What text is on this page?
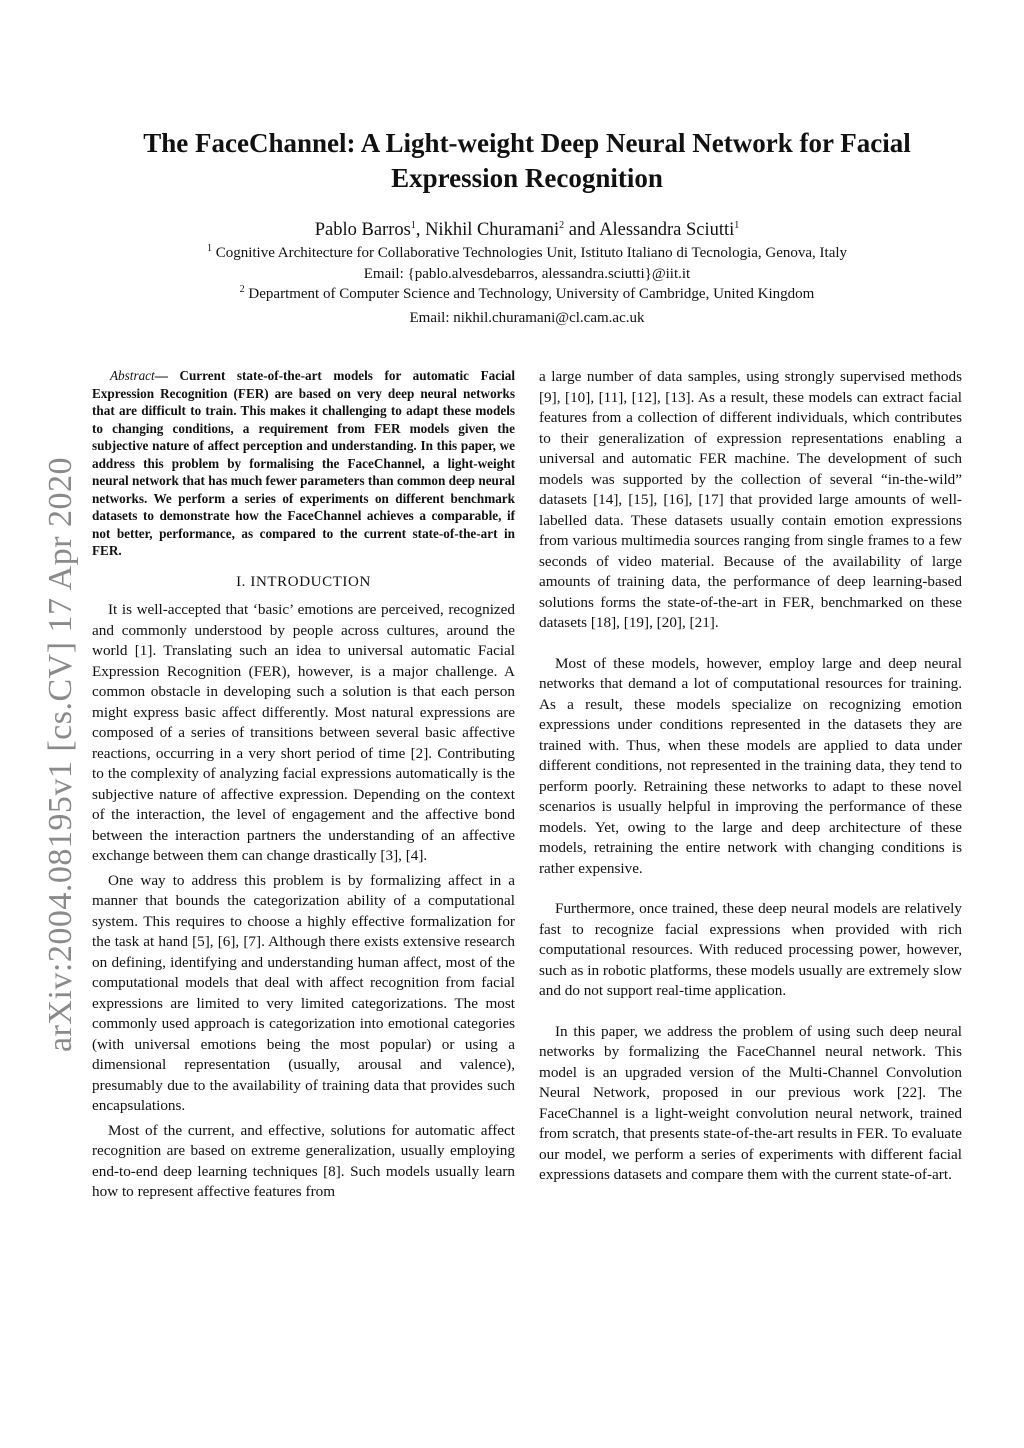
arXiv:2004.08195v1 [cs.CV] 17 Apr 2020
The FaceChannel: A Light-weight Deep Neural Network for Facial Expression Recognition
Pablo Barros$^1$, Nikhil Churamani$^2$ and Alessandra Sciutti$^1$
$^1$ Cognitive Architecture for Collaborative Technologies Unit, Istituto Italiano di Tecnologia, Genova, Italy
Email: {pablo.alvesdebarros, alessandra.sciutti}@iit.it
$^2$ Department of Computer Science and Technology, University of Cambridge, United Kingdom
Email: nikhil.churamani@cl.cam.ac.uk

Abstract— Current state-of-the-art models for automatic Facial Expression Recognition (FER) are based on very deep neural networks that are difficult to train. This makes it challenging to adapt these models to changing conditions, a requirement from FER models given the subjective nature of affect perception and understanding. In this paper, we address this problem by formalising the FaceChannel, a light-weight neural network that has much fewer parameters than common deep neural networks. We perform a series of experiments on different benchmark datasets to demonstrate how the FaceChannel achieves a comparable, if not better, performance, as compared to the current state-of-the-art in FER.

I. INTRODUCTION

It is well-accepted that ‘basic’ emotions are perceived, recognized and commonly understood by people across cultures, around the world [1]. Translating such an idea to universal automatic Facial Expression Recognition (FER), however, is a major challenge. A common obstacle in developing such a solution is that each person might express basic affect differently. Most natural expressions are composed of a series of transitions between several basic affective reactions, occurring in a very short period of time [2]. Contributing to the complexity of analyzing facial expressions automatically is the subjective nature of affective expression. Depending on the context of the interaction, the level of engagement and the affective bond between the interaction partners the understanding of an affective exchange between them can change drastically [3], [4].

One way to address this problem is by formalizing affect in a manner that bounds the categorization ability of a computational system. This requires to choose a highly effective formalization for the task at hand [5], [6], [7]. Although there exists extensive research on defining, identifying and understanding human affect, most of the computational models that deal with affect recognition from facial expressions are limited to very limited categorizations. The most commonly used approach is categorization into emotional categories (with universal emotions being the most popular) or using a dimensional representation (usually, arousal and valence), presumably due to the availability of training data that provides such encapsulations.

Most of the current, and effective, solutions for automatic affect recognition are based on extreme generalization, usually employing end-to-end deep learning techniques [8]. Such models usually learn how to represent affective features from

a large number of data samples, using strongly supervised methods [9], [10], [11], [12], [13]. As a result, these models can extract facial features from a collection of different individuals, which contributes to their generalization of expression representations enabling a universal and automatic FER machine. The development of such models was supported by the collection of several “in-the-wild” datasets [14], [15], [16], [17] that provided large amounts of well-labelled data. These datasets usually contain emotion expressions from various multimedia sources ranging from single frames to a few seconds of video material. Because of the availability of large amounts of training data, the performance of deep learning-based solutions forms the state-of-the-art in FER, benchmarked on these datasets [18], [19], [20], [21].

Most of these models, however, employ large and deep neural networks that demand a lot of computational resources for training. As a result, these models specialize on recognizing emotion expressions under conditions represented in the datasets they are trained with. Thus, when these models are applied to data under different conditions, not represented in the training data, they tend to perform poorly. Retraining these networks to adapt to these novel scenarios is usually helpful in improving the performance of these models. Yet, owing to the large and deep architecture of these models, retraining the entire network with changing conditions is rather expensive.

Furthermore, once trained, these deep neural models are relatively fast to recognize facial expressions when provided with rich computational resources. With reduced processing power, however, such as in robotic platforms, these models usually are extremely slow and do not support real-time application.

In this paper, we address the problem of using such deep neural networks by formalizing the FaceChannel neural network. This model is an upgraded version of the Multi-Channel Convolution Neural Network, proposed in our previous work [22]. The FaceChannel is a light-weight convolution neural network, trained from scratch, that presents state-of-the-art results in FER. To evaluate our model, we perform a series of experiments with different facial expressions datasets and compare them with the current state-of-art.
